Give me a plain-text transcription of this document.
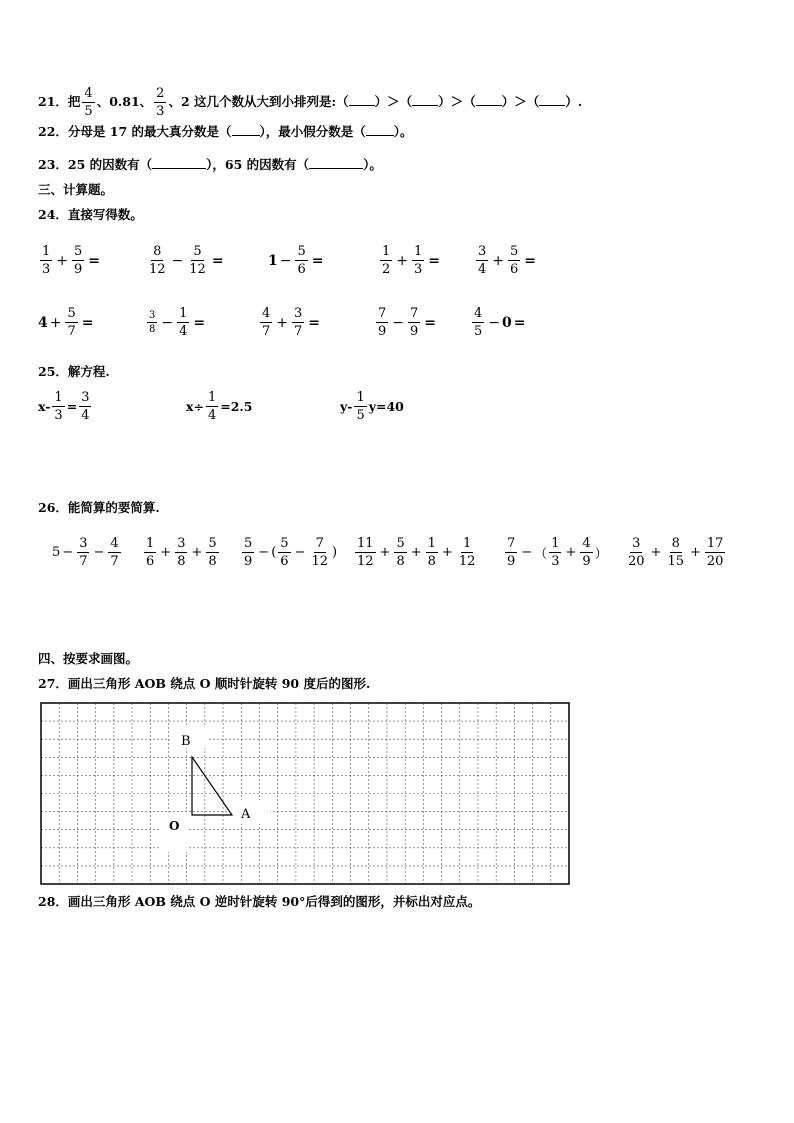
21．把 $\frac{4}{5}$ 、0.81、 $\frac{2}{3}$ 、2 这几个数从大到小排列是:（ ）＞（ ）＞（ ）＞（ ）.
22．分母是 17 的最大真分数是（ ），最小假分数是（ ）。
23．25 的因数有（	），65 的因数有（	）。
三、计算题。
24．直接写得数。
$\frac{1}{3} + \frac{5}{9}$ =	$\frac{8}{12} - \frac{5}{12}$ =	$1 - \frac{5}{6}$ =	$\frac{1}{2} + \frac{1}{3}$ =	$\frac{3}{4} + \frac{5}{6}$ =
$4 + \frac{5}{7}$ =	$\frac{3}{8} - \frac{1}{4}$ =	$\frac{4}{7} + \frac{3}{7}$ =	$\frac{7}{9} - \frac{7}{9}$ =	$\frac{4}{5} - 0$ =
25．解方程.
$x- \frac{1}{3} = \frac{3}{4}$	$x\div \frac{1}{4} =2.5$	$y- \frac{1}{5} y=40$
26．能简算的要简算.
$5 - \frac{3}{7} - \frac{4}{7} \frac{1}{6} + \frac{3}{8} + \frac{5}{8} \frac{5}{9}$ − ( $\frac{5}{6} - \frac{7}{12}$ ) $\frac{11}{12} + \frac{5}{8} + \frac{1}{8} + \frac{1}{12} \frac{7}{9}$ − （ $\frac{1}{3} + \frac{4}{9}$ ） $\frac{3}{20} + \frac{8}{15} + \frac{17}{20}$
四、按要求画图。
27．画出三角形 AOB 绕点 O 顺时针旋转 90 度后的图形.
B
A
O
28．画出三角形 AOB 绕点 O 逆时针旋转 90°后得到的图形，并标出对应点。
